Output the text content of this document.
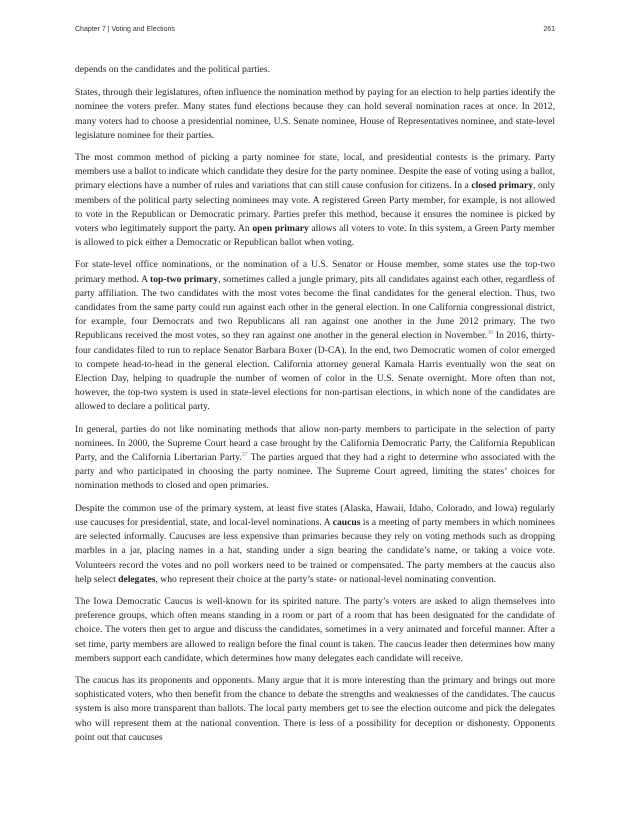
Chapter 7 | Voting and Elections	261

depends on the candidates and the political parties.

States, through their legislatures, often influence the nomination method by paying for an election to help parties identify the nominee the voters prefer. Many states fund elections because they can hold several nomination races at once. In 2012, many voters had to choose a presidential nominee, U.S. Senate nominee, House of Representatives nominee, and state-level legislature nominee for their parties.

The most common method of picking a party nominee for state, local, and presidential contests is the primary. Party members use a ballot to indicate which candidate they desire for the party nominee. Despite the ease of voting using a ballot, primary elections have a number of rules and variations that can still cause confusion for citizens. In a closed primary, only members of the political party selecting nominees may vote. A registered Green Party member, for example, is not allowed to vote in the Republican or Democratic primary. Parties prefer this method, because it ensures the nominee is picked by voters who legitimately support the party. An open primary allows all voters to vote. In this system, a Green Party member is allowed to pick either a Democratic or Republican ballot when voting.

For state-level office nominations, or the nomination of a U.S. Senator or House member, some states use the top-two primary method. A top-two primary, sometimes called a jungle primary, pits all candidates against each other, regardless of party affiliation. The two candidates with the most votes become the final candidates for the general election. Thus, two candidates from the same party could run against each other in the general election. In one California congressional district, for example, four Democrats and two Republicans all ran against one another in the June 2012 primary. The two Republicans received the most votes, so they ran against one another in the general election in November.$^{36}$ In 2016, thirty-four candidates filed to run to replace Senator Barbara Boxer (D-CA). In the end, two Democratic women of color emerged to compete head-to-head in the general election. California attorney general Kamala Harris eventually won the seat on Election Day, helping to quadruple the number of women of color in the U.S. Senate overnight. More often than not, however, the top-two system is used in state-level elections for non-partisan elections, in which none of the candidates are allowed to declare a political party.

In general, parties do not like nominating methods that allow non-party members to participate in the selection of party nominees. In 2000, the Supreme Court heard a case brought by the California Democratic Party, the California Republican Party, and the California Libertarian Party.$^{37}$ The parties argued that they had a right to determine who associated with the party and who participated in choosing the party nominee. The Supreme Court agreed, limiting the states’ choices for nomination methods to closed and open primaries.

Despite the common use of the primary system, at least five states (Alaska, Hawaii, Idaho, Colorado, and Iowa) regularly use caucuses for presidential, state, and local-level nominations. A caucus is a meeting of party members in which nominees are selected informally. Caucuses are less expensive than primaries because they rely on voting methods such as dropping marbles in a jar, placing names in a hat, standing under a sign bearing the candidate’s name, or taking a voice vote. Volunteers record the votes and no poll workers need to be trained or compensated. The party members at the caucus also help select delegates, who represent their choice at the party’s state- or national-level nominating convention.

The Iowa Democratic Caucus is well-known for its spirited nature. The party’s voters are asked to align themselves into preference groups, which often means standing in a room or part of a room that has been designated for the candidate of choice. The voters then get to argue and discuss the candidates, sometimes in a very animated and forceful manner. After a set time, party members are allowed to realign before the final count is taken. The caucus leader then determines how many members support each candidate, which determines how many delegates each candidate will receive.

The caucus has its proponents and opponents. Many argue that it is more interesting than the primary and brings out more sophisticated voters, who then benefit from the chance to debate the strengths and weaknesses of the candidates. The caucus system is also more transparent than ballots. The local party members get to see the election outcome and pick the delegates who will represent them at the national convention. There is less of a possibility for deception or dishonesty. Opponents point out that caucuses
